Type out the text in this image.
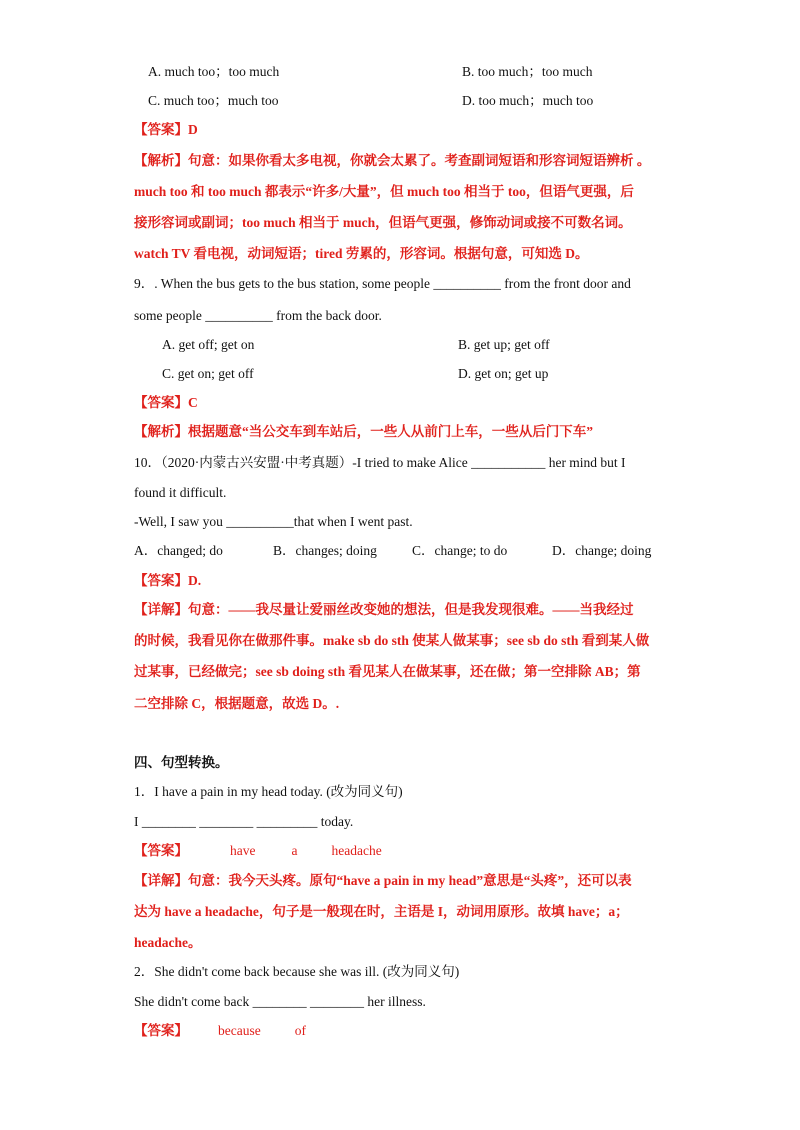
A. much too；too much	B. too much；too much
C. much too；much too	D. too much；much too
【答案】D
【解析】句意：如果你看太多电视，你就会太累了。考查副词短语和形容词短语辨析 。
much too 和 too much 都表示“许多/大量”，但 much too 相当于 too，但语气更强，后
接形容词或副词；too much 相当于 much，但语气更强，修饰动词或接不可数名词。
watch TV 看电视，动词短语；tired 劳累的，形容词。根据句意，可知选 D。
9．. When the bus gets to the bus station, some people __________ from the front door and
some people __________ from the back door.
A. get off; get on	B. get up; get off
C. get on; get off	D. get on; get up
【答案】C
【解析】根据题意“当公交车到车站后，一些人从前门上车，一些从后门下车”
10．（2020·内蒙古兴安盟·中考真题）-I tried to make Alice ___________ her mind but I
found it difficult.
-Well, I saw you __________that when I went past.
A．changed; do	B．changes; doing	C．change; to do	D．change; doing
【答案】D.
【详解】句意：——我尽量让爱丽丝改变她的想法，但是我发现很难。——当我经过
的时候，我看见你在做那件事。make sb do sth 使某人做某事；see sb do sth 看到某人做
过某事，已经做完；see sb doing sth 看见某人在做某事，还在做；第一空排除 AB；第
二空排除 C，根据题意，故选 D。.
四、句型转换。
1．I have a pain in my head today. (改为同义句)
I ________ ________ _________ today.
【答案】	have	a	headache
【详解】句意：我今天头疼。原句“have a pain in my head”意思是“头疼”，还可以表
达为 have a headache，句子是一般现在时，主语是 I，动词用原形。故填 have；a；
headache。
2．She didn't come back because she was ill. (改为同义句)
She didn't come back ________ ________ her illness.
【答案】 because	of
